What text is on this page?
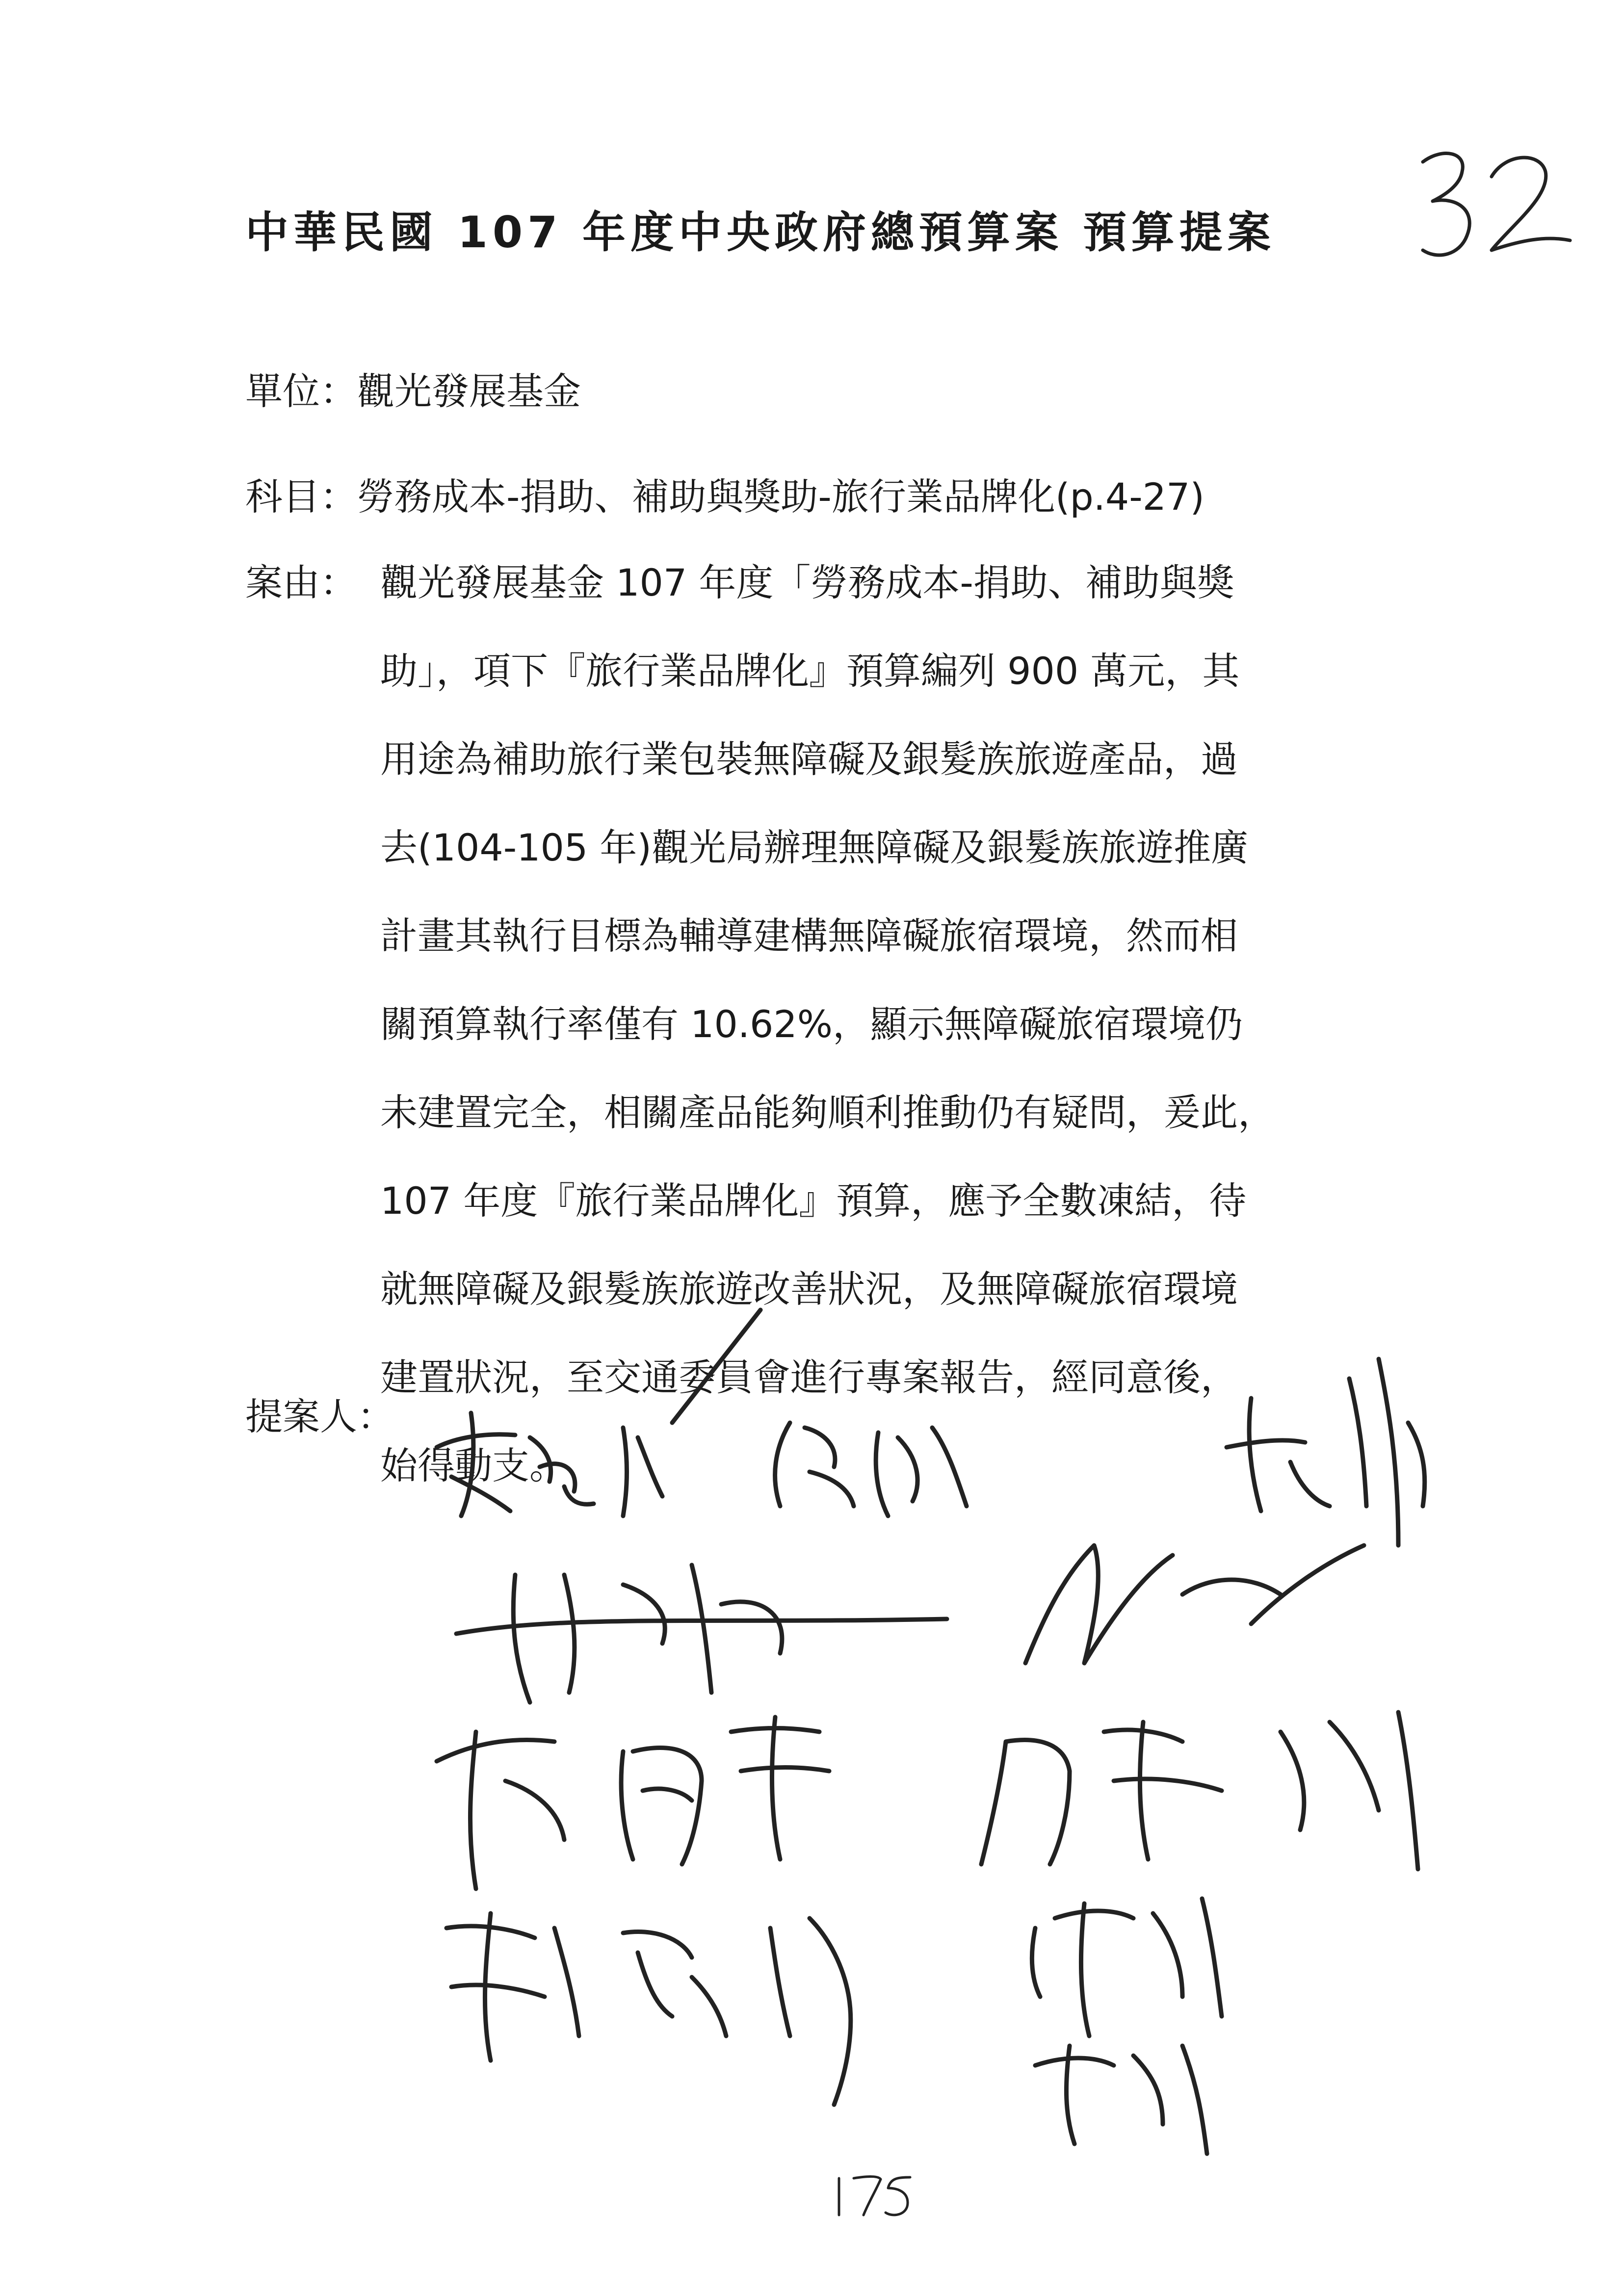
中華民國 107 年度中央政府總預算案 預算提案
單位：觀光發展基金
科目：勞務成本-捐助、補助與獎助-旅行業品牌化(p.4-27)
案由： 觀光發展基金 107 年度「勞務成本-捐助、補助與獎
助」，項下『旅行業品牌化』預算編列 900 萬元，其
用途為補助旅行業包裝無障礙及銀髮族旅遊產品，過
去(104-105 年)觀光局辦理無障礙及銀髮族旅遊推廣
計畫其執行目標為輔導建構無障礙旅宿環境，然而相
關預算執行率僅有 10.62%，顯示無障礙旅宿環境仍
未建置完全，相關產品能夠順利推動仍有疑問，爰此，
107 年度『旅行業品牌化』預算，應予全數凍結，待
就無障礙及銀髮族旅遊改善狀況，及無障礙旅宿環境
建置狀況，至交通委員會進行專案報告，經同意後，
始得動支。
提案人：
